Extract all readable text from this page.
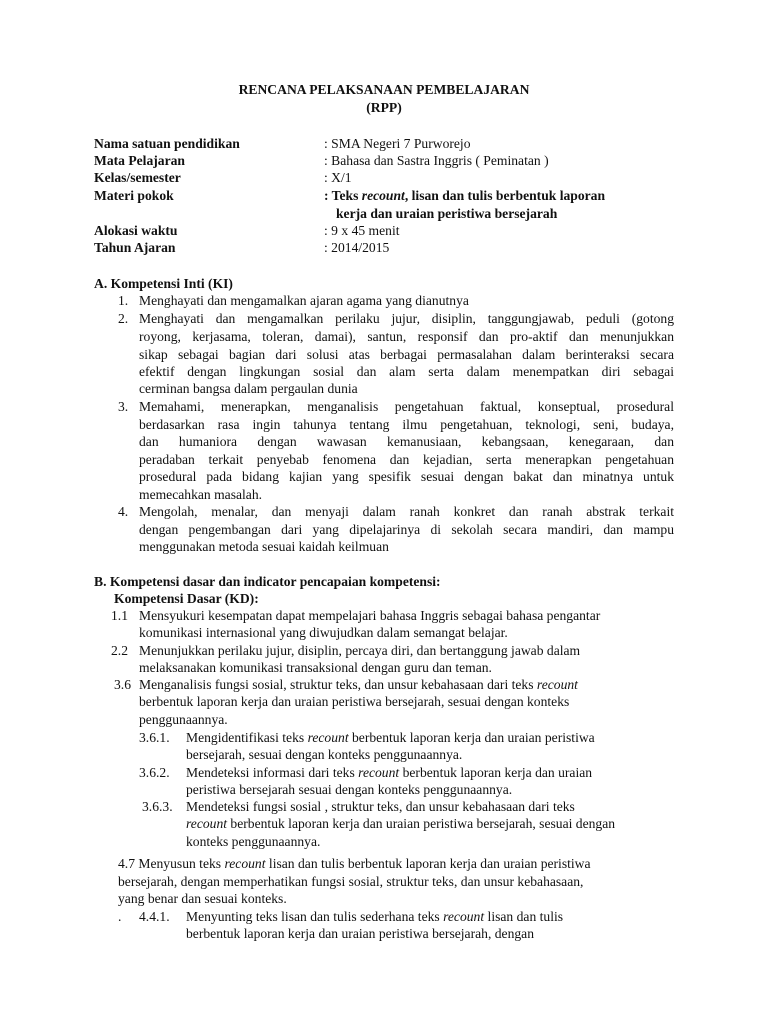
RENCANA PELAKSANAAN PEMBELAJARAN
(RPP)
Nama satuan pendidikan	: SMA Negeri 7 Purworejo
Mata Pelajaran	: Bahasa dan Sastra Inggris ( Peminatan )
Kelas/semester	: X/1
Materi pokok	: Teks recount, lisan dan tulis berbentuk laporan
kerja dan uraian peristiwa bersejarah
Alokasi waktu	: 9 x 45 menit
Tahun Ajaran	: 2014/2015
A. Kompetensi Inti (KI)
1. Menghayati dan mengamalkan ajaran agama yang dianutnya
2. Menghayati dan mengamalkan perilaku jujur, disiplin, tanggungjawab, peduli (gotong
royong, kerjasama, toleran, damai), santun, responsif dan pro-aktif dan menunjukkan
sikap sebagai bagian dari solusi atas berbagai permasalahan dalam berinteraksi secara
efektif dengan lingkungan sosial dan alam serta dalam menempatkan diri sebagai
cerminan bangsa dalam pergaulan dunia
3. Memahami, menerapkan, menganalisis pengetahuan faktual, konseptual, prosedural
berdasarkan rasa ingin tahunya tentang ilmu pengetahuan, teknologi, seni, budaya,
dan humaniora dengan wawasan kemanusiaan, kebangsaan, kenegaraan, dan
peradaban terkait penyebab fenomena dan kejadian, serta menerapkan pengetahuan
prosedural pada bidang kajian yang spesifik sesuai dengan bakat dan minatnya untuk
memecahkan masalah.
4. Mengolah, menalar, dan menyaji dalam ranah konkret dan ranah abstrak terkait
dengan pengembangan dari yang dipelajarinya di sekolah secara mandiri, dan mampu
menggunakan metoda sesuai kaidah keilmuan
B. Kompetensi dasar dan indicator pencapaian kompetensi:
Kompetensi Dasar (KD):
1.1 Mensyukuri kesempatan dapat mempelajari bahasa Inggris sebagai bahasa pengantar
komunikasi internasional yang diwujudkan dalam semangat belajar.
2.2 Menunjukkan perilaku jujur, disiplin, percaya diri, dan bertanggung jawab dalam
melaksanakan komunikasi transaksional dengan guru dan teman.
3.6 Menganalisis fungsi sosial, struktur teks, dan unsur kebahasaan dari teks recount
berbentuk laporan kerja dan uraian peristiwa bersejarah, sesuai dengan konteks
penggunaannya.
3.6.1. Mengidentifikasi teks recount berbentuk laporan kerja dan uraian peristiwa
bersejarah, sesuai dengan konteks penggunaannya.
3.6.2. Mendeteksi informasi dari teks recount berbentuk laporan kerja dan uraian
peristiwa bersejarah sesuai dengan konteks penggunaannya.
3.6.3. Mendeteksi fungsi sosial , struktur teks, dan unsur kebahasaan dari teks
recount berbentuk laporan kerja dan uraian peristiwa bersejarah, sesuai dengan
konteks penggunaannya.
4.7 Menyusun teks recount lisan dan tulis berbentuk laporan kerja dan uraian peristiwa
bersejarah, dengan memperhatikan fungsi sosial, struktur teks, dan unsur kebahasaan,
yang benar dan sesuai konteks.
. 4.4.1. Menyunting teks lisan dan tulis sederhana teks recount lisan dan tulis
berbentuk laporan kerja dan uraian peristiwa bersejarah, dengan
